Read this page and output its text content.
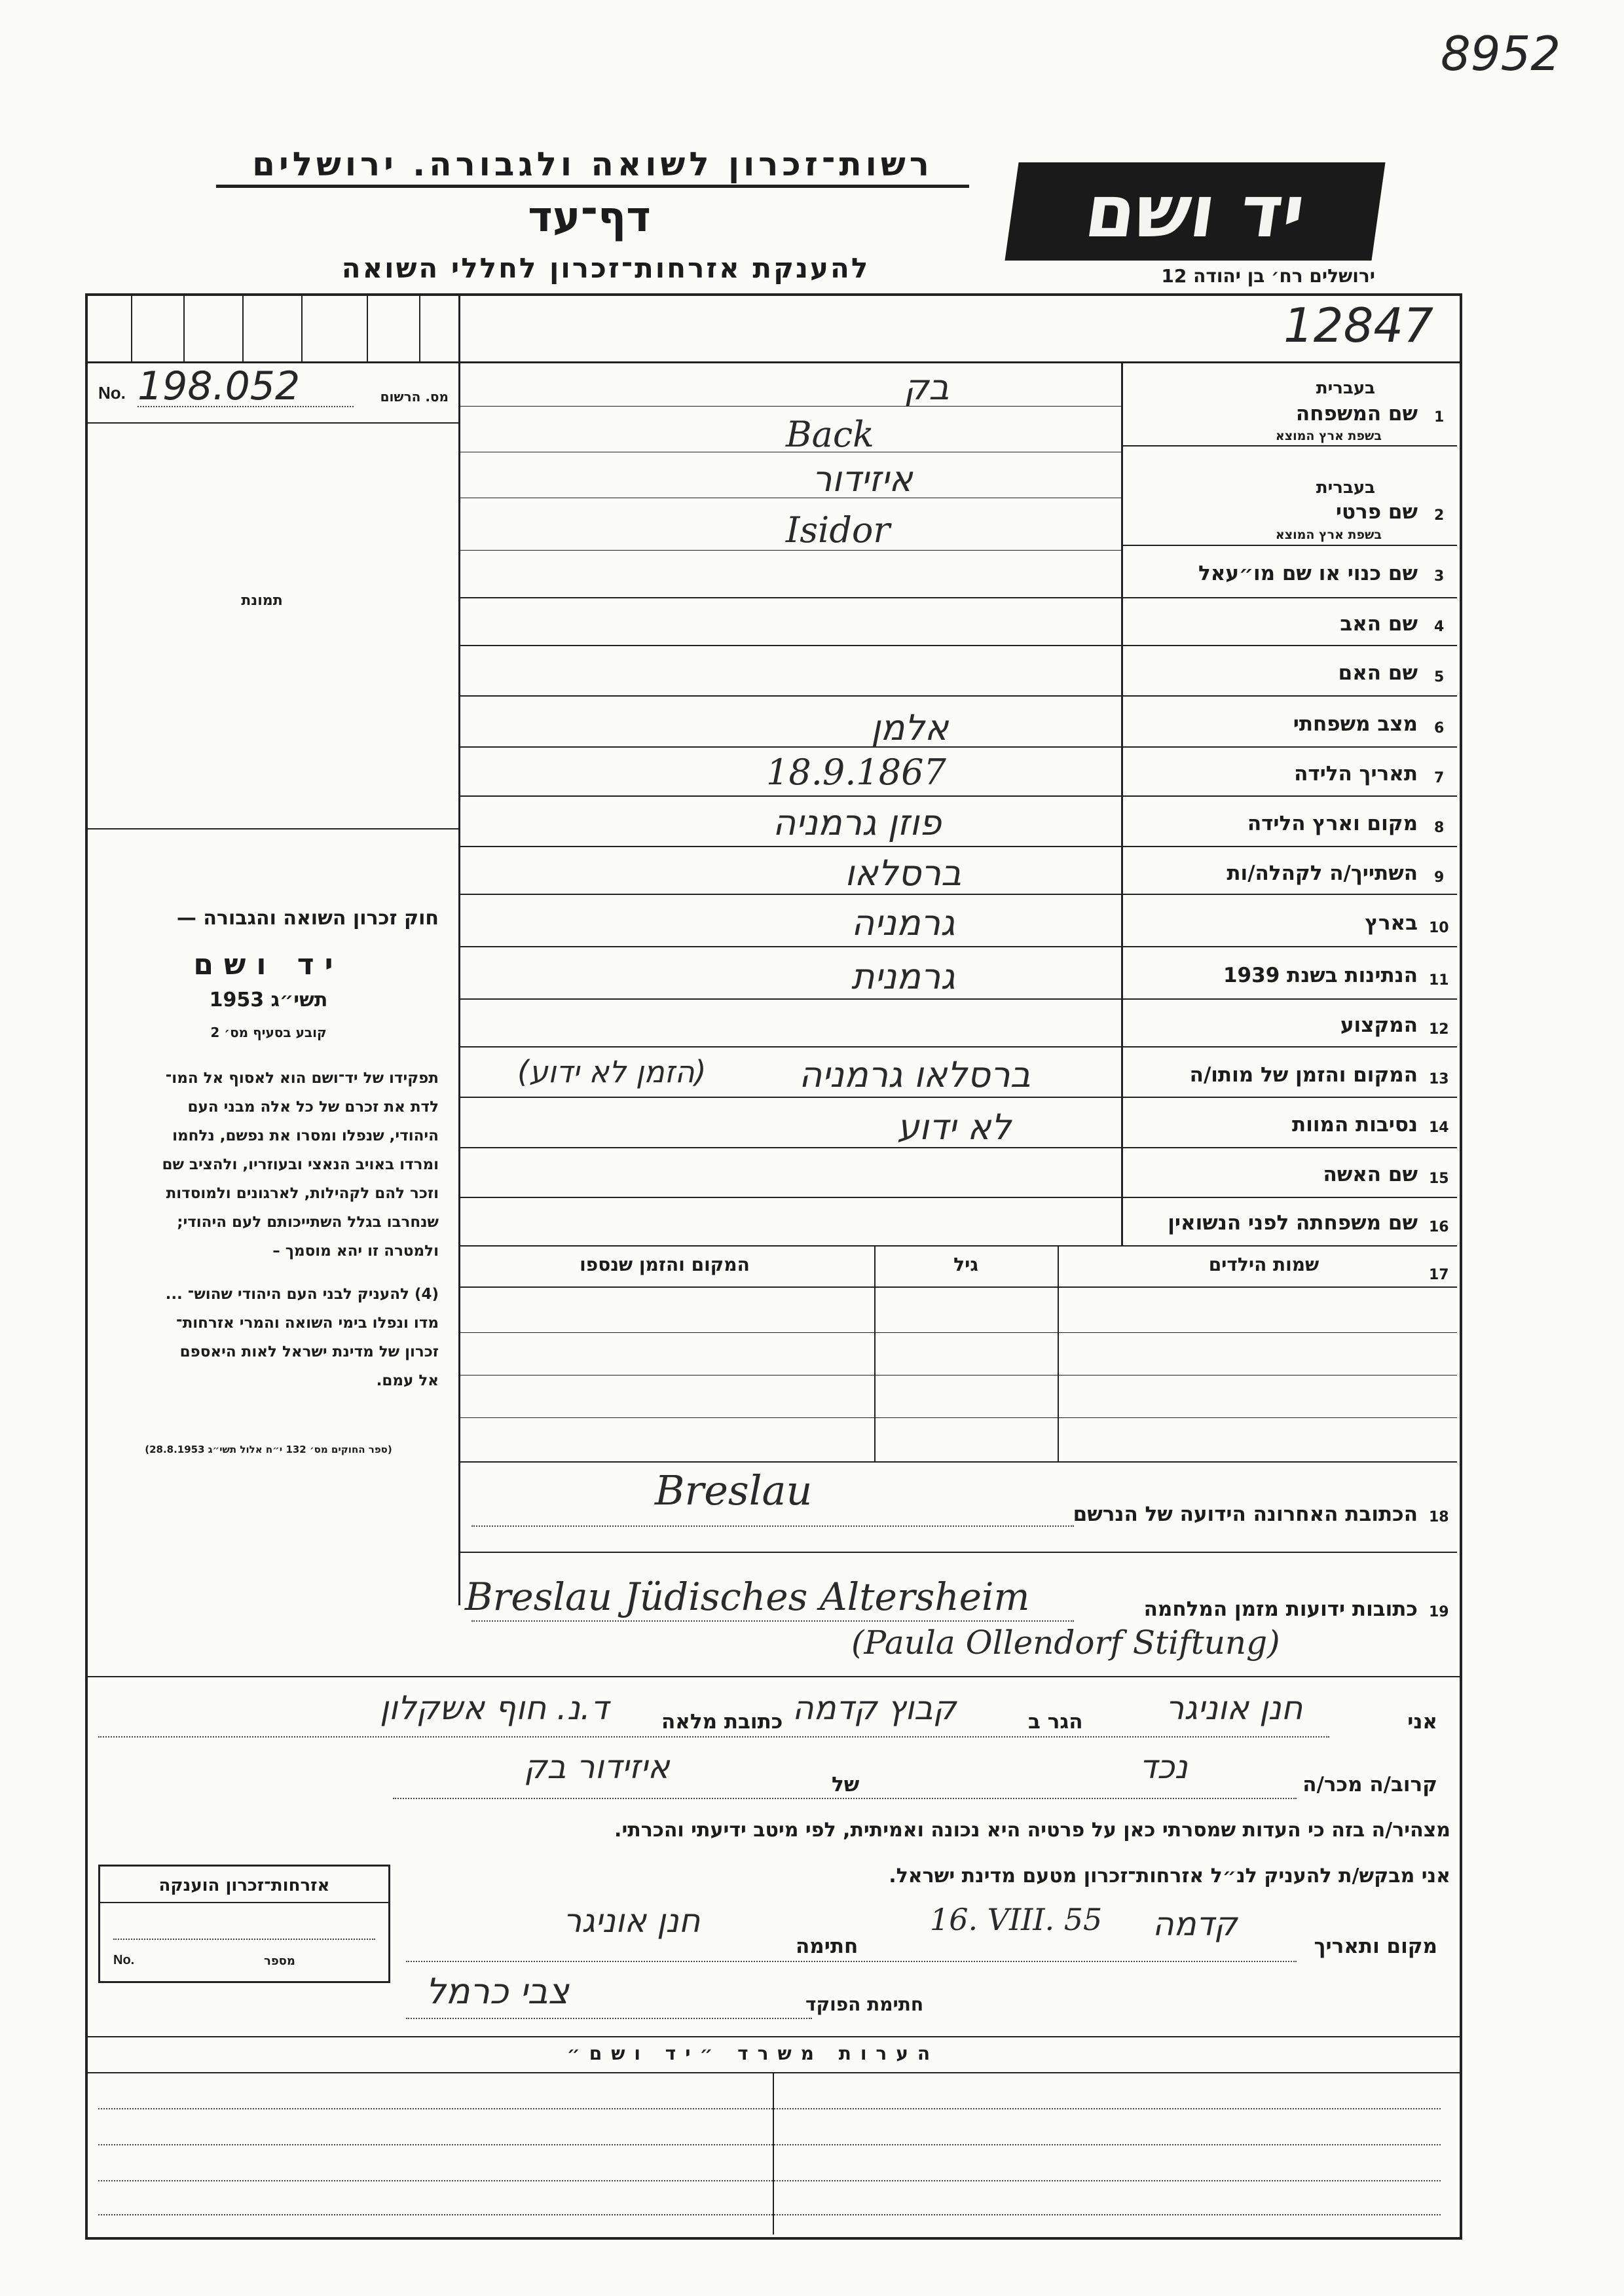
8952
רשות־זכרון לשואה ולגבורה. ירושלים
דף־עד
להענקת אזרחות־זכרון לחללי השואה
יד ושם
ירושלים רח׳ בן יהודה 12
12847
No. 198.052	מס. הרשום
תמונת
חוק זכרון השואה והגבורה —
יד ושם
תשי״ג 1953
קובע בסעיף מס׳ 2
תפקידו של יד־ושם הוא לאסוף אל המו־
לדת את זכרם של כל אלה מבני העם
היהודי, שנפלו ומסרו את נפשם, נלחמו
ומרדו באויב הנאצי ובעוזריו, ולהציב שם
וזכר להם לקהילות, לארגונים ולמוסדות
שנחרבו בגלל השתייכותם לעם היהודי;
ולמטרה זו יהא מוסמך –
(4) להעניק לבני העם היהודי שהוש־ ...
מדו ונפלו בימי השואה והמרי אזרחות־
זכרון של מדינת ישראל לאות היאספם
אל עמם.
(ספר החוקים מס׳ 132 י״ח אלול תשי״ג 28.8.1953)
1
שם המשפחה
בעברית
בשפת ארץ המוצא
בק
Back
2
שם פרטי
בעברית
בשפת ארץ המוצא
איזידור
Isidor
3
שם כנוי או שם מו״עאל
4
שם האב
5
שם האם
6
מצב משפחתי
אלמן
7
תאריך הלידה
18.9.1867
8
מקום וארץ הלידה
פוזן גרמניה
9
השתייך/ה לקהלה/ות
ברסלאו
10
בארץ
גרמניה
11
הנתינות בשנת 1939
גרמנית
12
המקצוע
13
המקום והזמן של מותו/ה
ברסלאו גרמניה
(הזמן לא ידוע)
14
נסיבות המוות
לא ידוע
15
שם האשה
16
שם משפחתה לפני הנשואין
17
שמות הילדים
גיל
המקום והזמן שנספו
18
הכתובת האחרונה הידועה של הנרשם
Breslau
19
כתובות ידועות מזמן המלחמה
Breslau Jüdisches Altersheim
(Paula Ollendorf Stiftung)
אני
חנן אוניגר
הגר ב
קבוץ קדמה
כתובת מלאה
ד.נ. חוף אשקלון
קרוב/ה מכר/ה
נכד
של
איזידור בק
מצהיר/ה בזה כי העדות שמסרתי כאן על פרטיה היא נכונה ואמיתית, לפי מיטב ידיעתי והכרתי.
אני מבקש/ת להעניק לנ״ל אזרחות־זכרון מטעם מדינת ישראל.
אזרחות־זכרון הוענקה
No.	מספר
מקום ותאריך
קדמה
16. VIII. 55
חתימה
חנן אוניגר
חתימת הפוקד
צבי כרמל
הערות משרד ״יד ושם״
